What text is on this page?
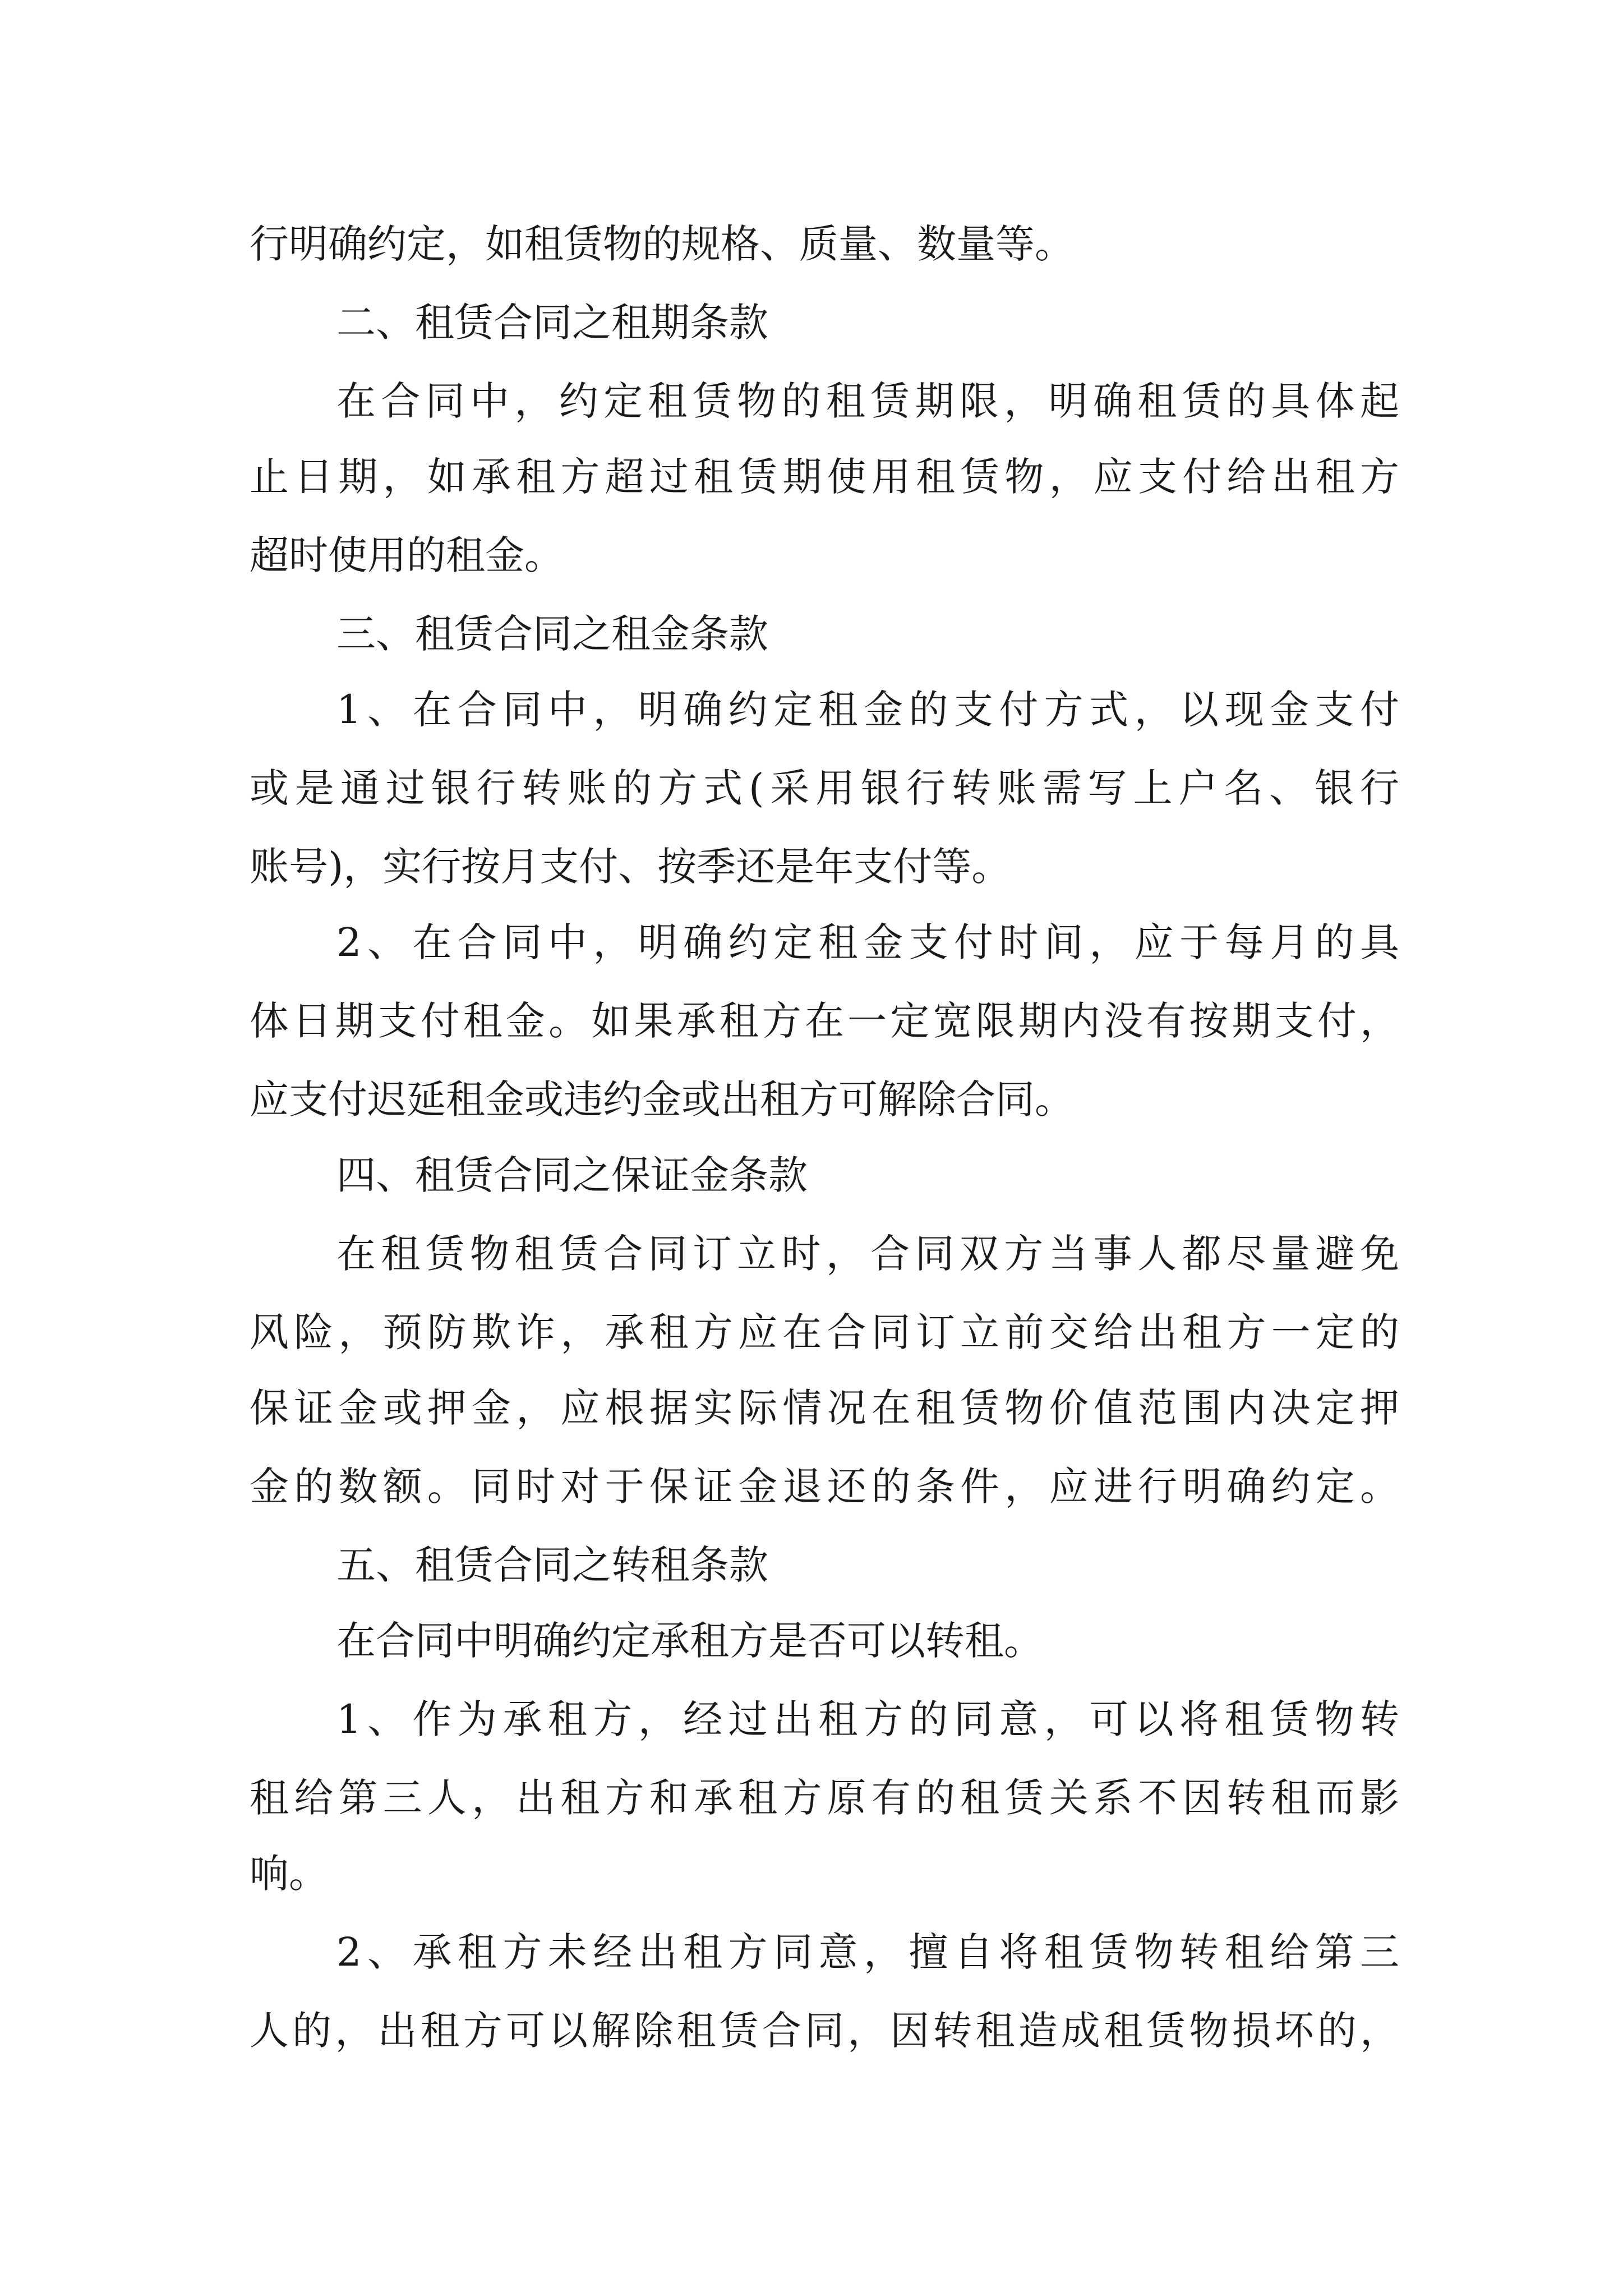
行明确约定，如租赁物的规格、质量、数量等。
二、租赁合同之租期条款
在合同中，约定租赁物的租赁期限，明确租赁的具体起
止日期，如承租方超过租赁期使用租赁物，应支付给出租方
超时使用的租金。
三、租赁合同之租金条款
1、在合同中，明确约定租金的支付方式，以现金支付
或是通过银行转账的方式(采用银行转账需写上户名、银行
账号)，实行按月支付、按季还是年支付等。
2、在合同中，明确约定租金支付时间，应于每月的具
体日期支付租金。如果承租方在一定宽限期内没有按期支付，
应支付迟延租金或违约金或出租方可解除合同。
四、租赁合同之保证金条款
在租赁物租赁合同订立时，合同双方当事人都尽量避免
风险，预防欺诈，承租方应在合同订立前交给出租方一定的
保证金或押金，应根据实际情况在租赁物价值范围内决定押
金的数额。同时对于保证金退还的条件，应进行明确约定。
五、租赁合同之转租条款
在合同中明确约定承租方是否可以转租。
1、作为承租方，经过出租方的同意，可以将租赁物转
租给第三人，出租方和承租方原有的租赁关系不因转租而影
响。
2、承租方未经出租方同意，擅自将租赁物转租给第三
人的，出租方可以解除租赁合同，因转租造成租赁物损坏的，
